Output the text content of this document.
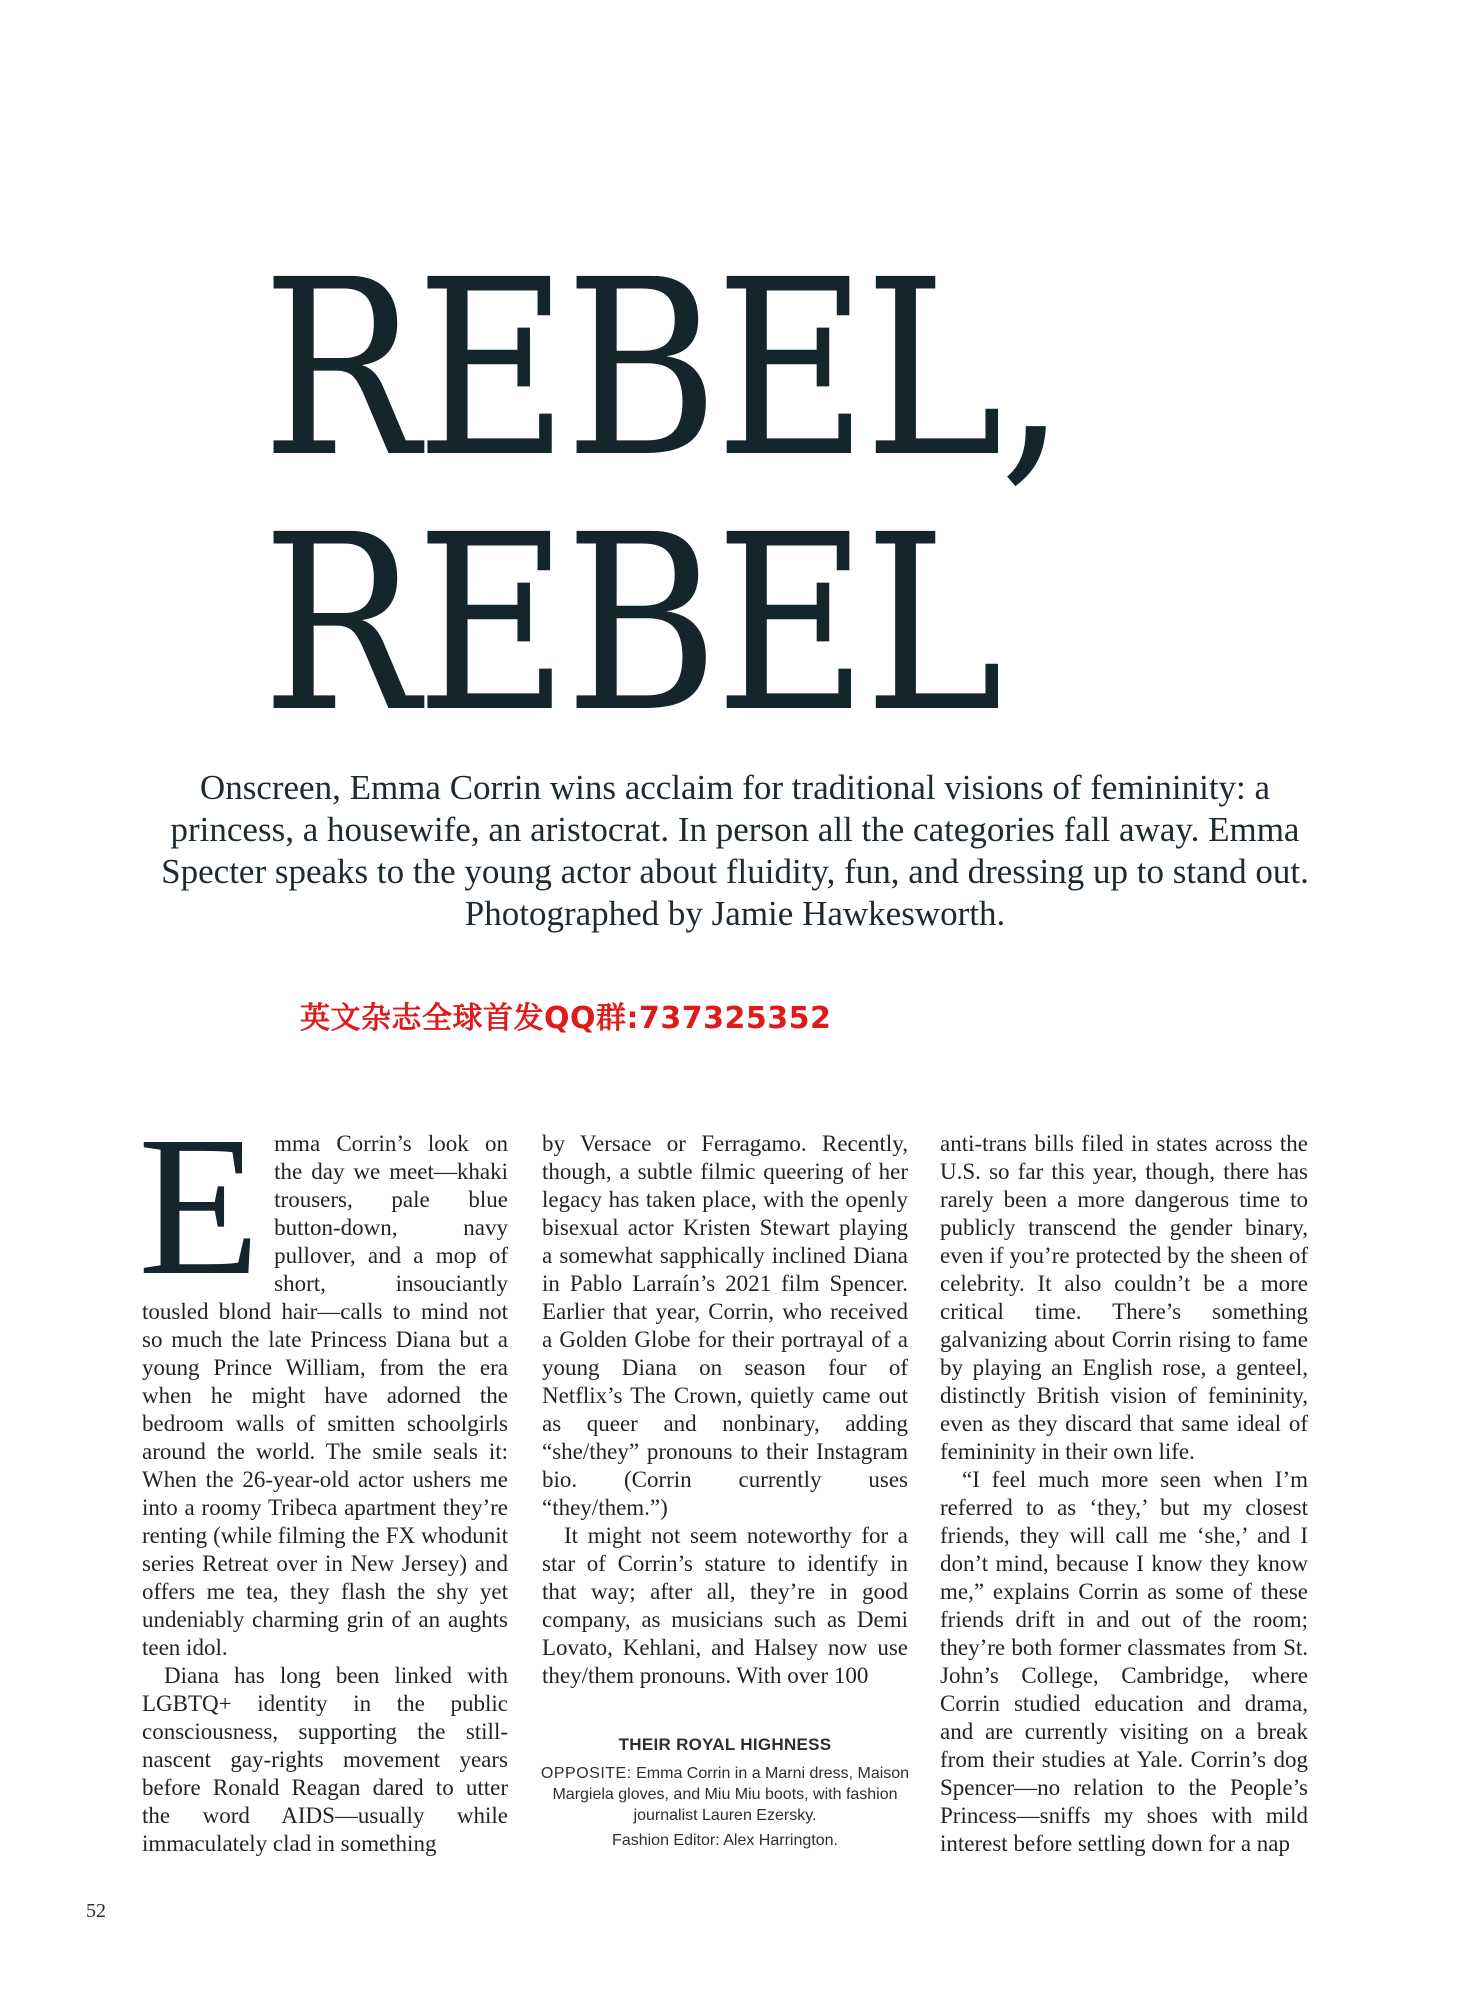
REBEL,
REBEL

Onscreen, Emma Corrin wins acclaim for traditional visions of femininity: a princess, a housewife, an aristocrat. In person all the categories fall away. Emma Specter speaks to the young actor about fluidity, fun, and dressing up to stand out. Photographed by Jamie Hawkesworth.

英文杂志全球首发QQ群:737325352

E mma Corrin’s look on the day we meet—khaki trousers, pale blue button-down, navy pullover, and a mop of short, insouciantly tousled blond hair—calls to mind not so much the late Princess Diana but a young Prince William, from the era when he might have adorned the bedroom walls of smitten schoolgirls around the world. The smile seals it: When the 26-year-old actor ushers me into a roomy Tribeca apartment they’re renting (while filming the FX whodunit series Retreat over in New Jersey) and offers me tea, they flash the shy yet undeniably charming grin of an aughts teen idol.

Diana has long been linked with LGBTQ+ identity in the public consciousness, supporting the still-nascent gay-rights movement years before Ronald Reagan dared to utter the word AIDS—usually while immaculately clad in something

by Versace or Ferragamo. Recently, though, a subtle filmic queering of her legacy has taken place, with the openly bisexual actor Kristen Stewart playing a somewhat sapphically inclined Diana in Pablo Larraín’s 2021 film Spencer. Earlier that year, Corrin, who received a Golden Globe for their portrayal of a young Diana on season four of Netflix’s The Crown, quietly came out as queer and nonbinary, adding “she/they” pronouns to their Instagram bio. (Corrin currently uses “they/them.”)

It might not seem noteworthy for a star of Corrin’s stature to identify in that way; after all, they’re in good company, as musicians such as Demi Lovato, Kehlani, and Halsey now use they/them pronouns. With over 100

THEIR ROYAL HIGHNESS

OPPOSITE: Emma Corrin in a Marni dress, Maison Margiela gloves, and Miu Miu boots, with fashion journalist Lauren Ezersky.

Fashion Editor: Alex Harrington.

anti-trans bills filed in states across the U.S. so far this year, though, there has rarely been a more dangerous time to publicly transcend the gender binary, even if you’re protected by the sheen of celebrity. It also couldn’t be a more critical time. There’s something galvanizing about Corrin rising to fame by playing an English rose, a genteel, distinctly British vision of femininity, even as they discard that same ideal of femininity in their own life.

“I feel much more seen when I’m referred to as ‘they,’ but my closest friends, they will call me ‘she,’ and I don’t mind, because I know they know me,” explains Corrin as some of these friends drift in and out of the room; they’re both former classmates from St. John’s College, Cambridge, where Corrin studied education and drama, and are currently visiting on a break from their studies at Yale. Corrin’s dog Spencer—no relation to the People’s Princess—sniffs my shoes with mild interest before settling down for a nap

52
